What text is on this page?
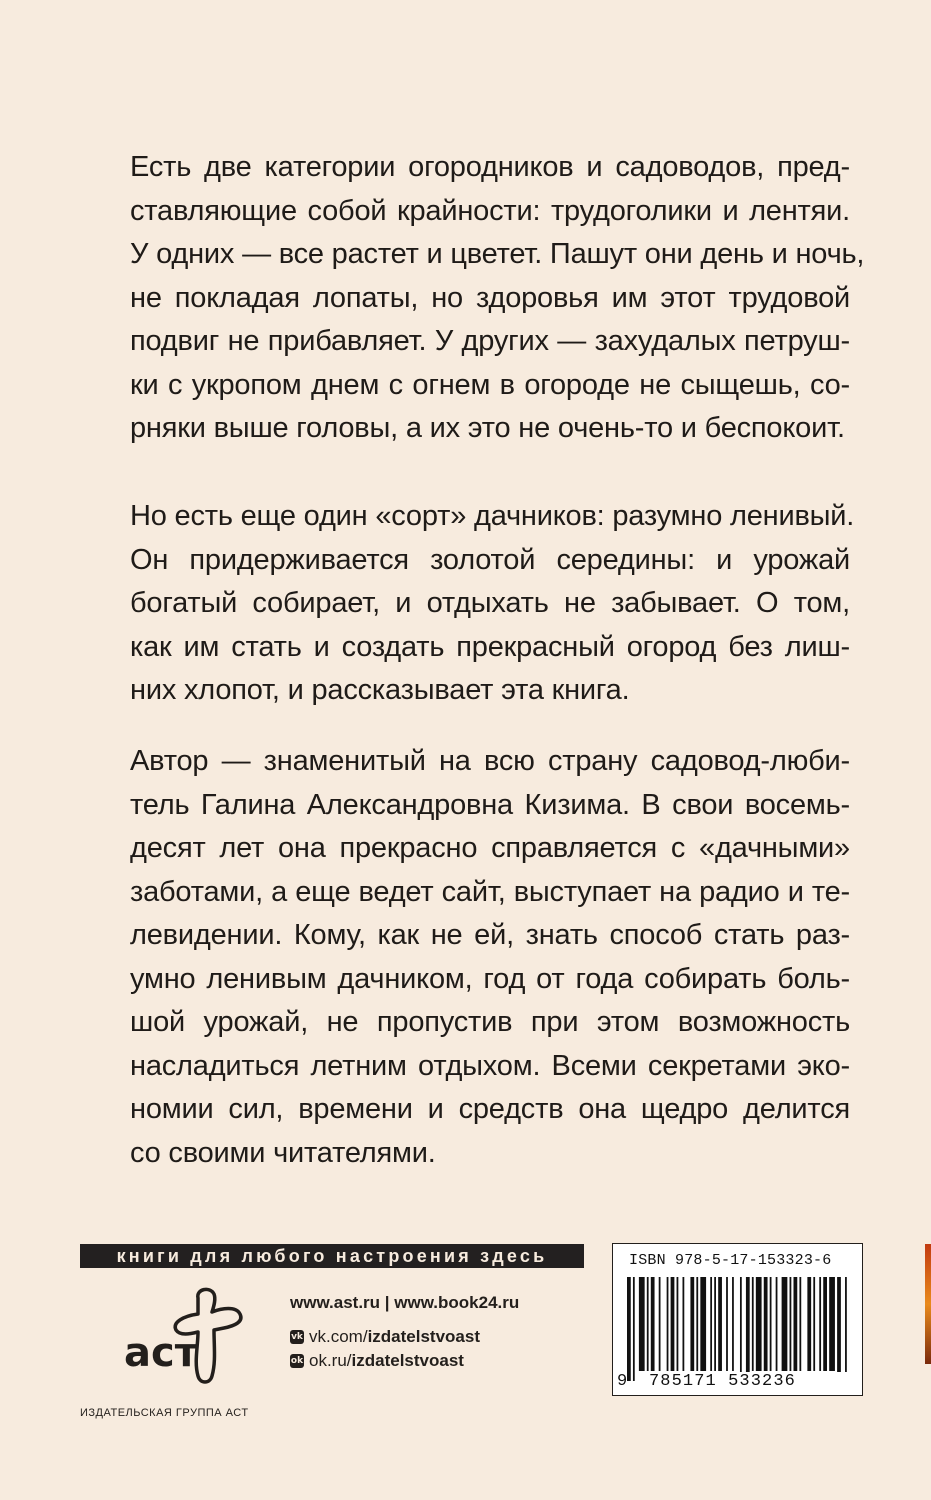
Есть две категории огородников и садоводов, пред-
ставляющие собой крайности: трудоголики и лентяи.
У одних — все растет и цветет. Пашут они день и ночь,
не покладая лопаты, но здоровья им этот трудовой
подвиг не прибавляет. У других — захудалых петруш-
ки с укропом днем с огнем в огороде не сыщешь, со-
рняки выше головы, а их это не очень-то и беспокоит.
Но есть еще один «сорт» дачников: разумно ленивый.
Он придерживается золотой середины: и урожай
богатый собирает, и отдыхать не забывает. О том,
как им стать и создать прекрасный огород без лиш-
них хлопот, и рассказывает эта книга.
Автор — знаменитый на всю страну садовод-люби-
тель Галина Александровна Кизима. В свои восемь-
десят лет она прекрасно справляется с «дачными»
заботами, а еще ведет сайт, выступает на радио и те-
левидении. Кому, как не ей, знать способ стать раз-
умно ленивым дачником, год от года собирать боль-
шой урожай, не пропустив при этом возможность
насладиться летним отдыхом. Всеми секретами эко-
номии сил, времени и средств она щедро делится
со своими читателями.
книги для любого настроения здесь
аст
ИЗДАТЕЛЬСКАЯ ГРУППА АСТ
www.ast.ru | www.book24.ru
vk vk.com/ izdatelstvoast
ok ok.ru/ izdatelstvoast
ISBN 978-5-17-153323-6
9 785171 533236
